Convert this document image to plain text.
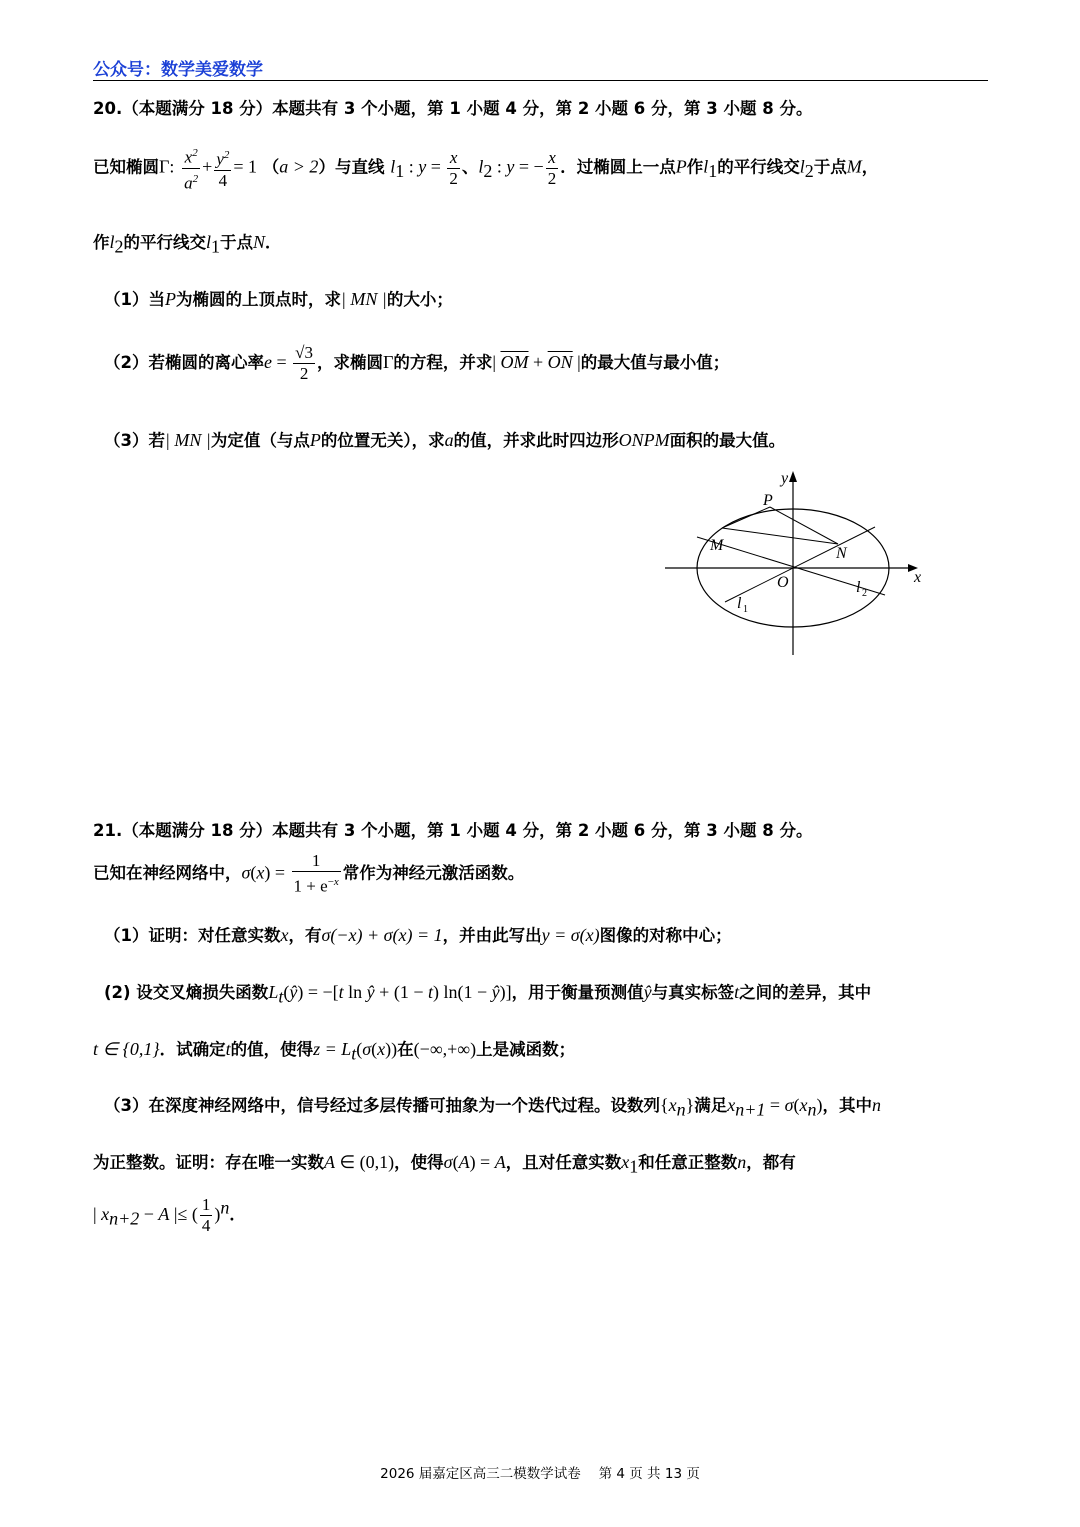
公众号：数学美爱数学
20.（本题满分 18 分）本题共有 3 个小题，第 1 小题 4 分，第 2 小题 6 分，第 3 小题 8 分。
已知椭圆Γ: $\frac{x^2}{a^2} + \frac{y^2}{4} = 1$ （a > 2）与直线 $l_1$ : $y = \frac{x}{2}$ 、$l_2$ : y = − $\frac{x}{2}$ ．过椭圆上一点P作$l_1$的平行线交$l_2$于点M，
作$l_2$的平行线交$l_1$于点N．
（1）当P为椭圆的上顶点时，求| MN |的大小；
（2）若椭圆的离心率$e = \frac{√3}{2}$ ，求椭圆Γ的方程，并求| $\overline{OM} + \overline{ON}$ |的最大值与最小值；
（3）若| MN |为定值（与点P的位置无关），求a的值，并求此时四边形ONPM面积的最大值。
y
x
O
P
M	N
l 1
l 2
21.（本题满分 18 分）本题共有 3 个小题，第 1 小题 4 分，第 2 小题 6 分，第 3 小题 8 分。
已知在神经网络中，$\sigma(x) = \frac{1}{1 + e^{-x}}$ 常作为神经元激活函数。
（1）证明：对任意实数x，有σ(−x) + σ(x) = 1，并由此写出y = σ(x)图像的对称中心；
(2) 设交叉熵损失函数$L_t(ŷ) = -[t$ ln ŷ + (1 − t) ln(1 − ŷ)]，用于衡量预测值ŷ与真实标签t之间的差异，其中
t ∈ {0,1}．试确定t的值，使得$z = L_t(\sigma(x))$在(−∞,+∞)上是减函数；
（3）在深度神经网络中，信号经过多层传播可抽象为一个迭代过程。设数列$\{x_n\}$满足$x_{n+1} = \sigma(x_n)$，其中n
为正整数。证明：存在唯一实数A ∈ (0,1)，使得σ(A) = A，且对任意实数$x_1$和任意正整数n，都有
| $x_{n+2} - A$ |≤ ( $\frac{1}{4} )^n$．
2026 届嘉定区高三二模数学试卷　 第 4 页 共 13 页
